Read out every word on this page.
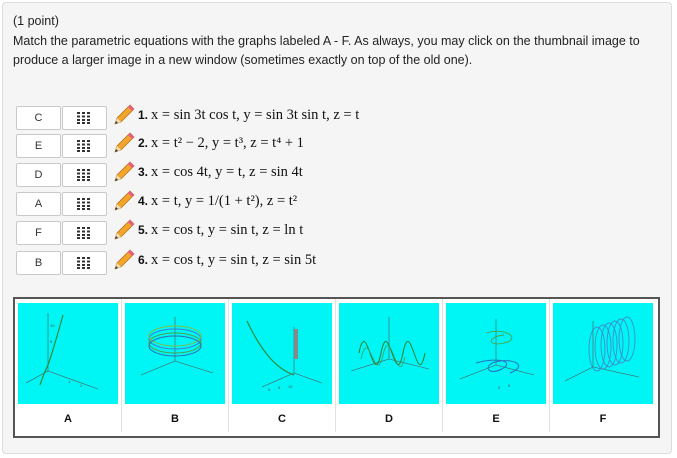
(1 point)
Match the parametric equations with the graphs labeled A - F. As always, you may click on the thumbnail image to produce a larger image in a new window (sometimes exactly on top of the old one).
C	1. x = sin 3t cos t, y = sin 3t sin t, z = t
E	2. x = t² − 2, y = t³, z = t⁴ + 1
D	3. x = cos 4t, y = t, z = sin 4t
A	4. x = t, y = 1/(1 + t²), z = t²
F	5. x = cos t, y = sin t, z = ln t
B	6. x = cos t, y = sin t, z = sin 5t
10
5
1
2
0 5 10	0 5
A	B	C	D	E	F
